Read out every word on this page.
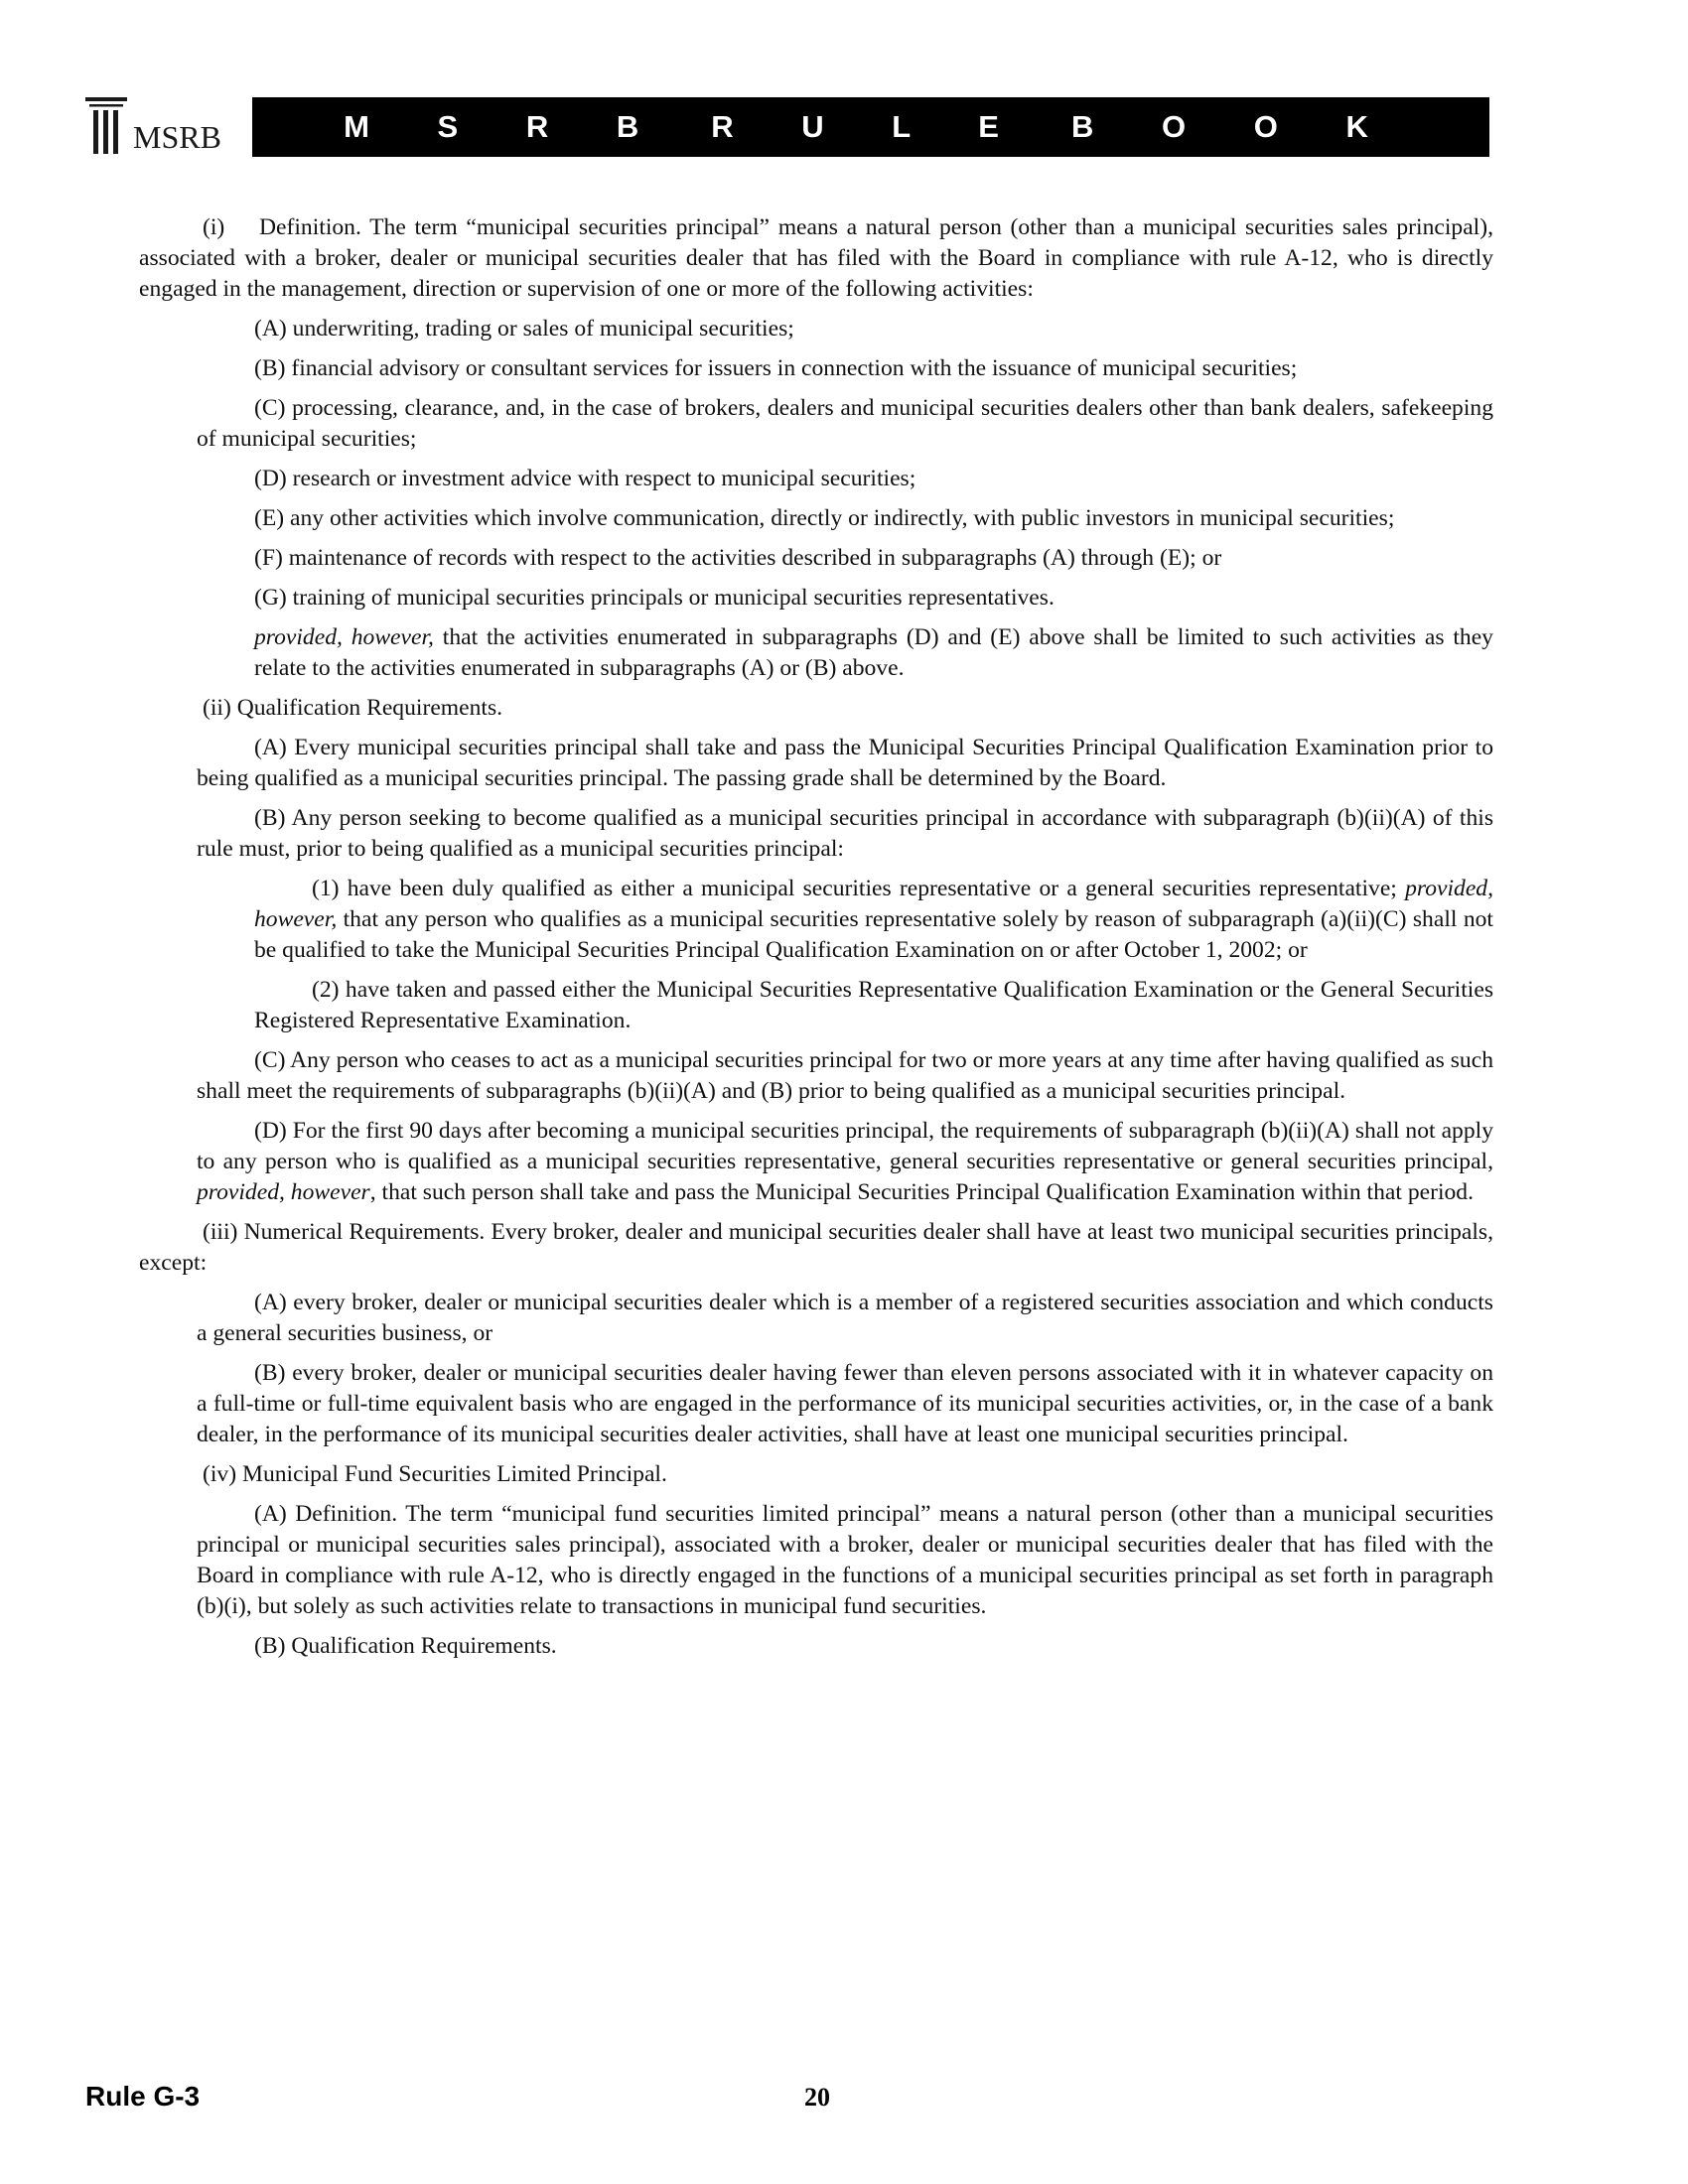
MSRB	M S R B R U L E B O O K

(i) Definition. The term “municipal securities principal” means a natural person (other than a municipal securities sales principal), associated with a broker, dealer or municipal securities dealer that has filed with the Board in compliance with rule A-12, who is directly engaged in the management, direction or supervision of one or more of the following activities:

(A) underwriting, trading or sales of municipal securities;

(B) financial advisory or consultant services for issuers in connection with the issuance of municipal securities;

(C) processing, clearance, and, in the case of brokers, dealers and municipal securities dealers other than bank dealers, safekeeping of municipal securities;

(D) research or investment advice with respect to municipal securities;

(E) any other activities which involve communication, directly or indirectly, with public investors in municipal securities;

(F) maintenance of records with respect to the activities described in subparagraphs (A) through (E); or

(G) training of municipal securities principals or municipal securities representatives.

provided, however, that the activities enumerated in subparagraphs (D) and (E) above shall be limited to such activities as they relate to the activities enumerated in subparagraphs (A) or (B) above.

(ii) Qualification Requirements.

(A) Every municipal securities principal shall take and pass the Municipal Securities Principal Qualification Examination prior to being qualified as a municipal securities principal. The passing grade shall be determined by the Board.

(B) Any person seeking to become qualified as a municipal securities principal in accordance with subparagraph (b)(ii)(A) of this rule must, prior to being qualified as a municipal securities principal:

(1) have been duly qualified as either a municipal securities representative or a general securities representative; provided, however, that any person who qualifies as a municipal securities representative solely by reason of subparagraph (a)(ii)(C) shall not be qualified to take the Municipal Securities Principal Qualification Examination on or after October 1, 2002; or

(2) have taken and passed either the Municipal Securities Representative Qualification Examination or the General Securities Registered Representative Examination.

(C) Any person who ceases to act as a municipal securities principal for two or more years at any time after having qualified as such shall meet the requirements of subparagraphs (b)(ii)(A) and (B) prior to being qualified as a municipal securities principal.

(D) For the first 90 days after becoming a municipal securities principal, the requirements of subparagraph (b)(ii)(A) shall not apply to any person who is qualified as a municipal securities representative, general securities representative or general securities principal, provided, however, that such person shall take and pass the Municipal Securities Principal Qualification Examination within that period.

(iii) Numerical Requirements. Every broker, dealer and municipal securities dealer shall have at least two municipal securities principals, except:

(A) every broker, dealer or municipal securities dealer which is a member of a registered securities association and which conducts a general securities business, or

(B) every broker, dealer or municipal securities dealer having fewer than eleven persons associated with it in whatever capacity on a full-time or full-time equivalent basis who are engaged in the performance of its municipal securities activities, or, in the case of a bank dealer, in the performance of its municipal securities dealer activities, shall have at least one municipal securities principal.

(iv) Municipal Fund Securities Limited Principal.

(A) Definition. The term “municipal fund securities limited principal” means a natural person (other than a municipal securities principal or municipal securities sales principal), associated with a broker, dealer or municipal securities dealer that has filed with the Board in compliance with rule A-12, who is directly engaged in the functions of a municipal securities principal as set forth in paragraph (b)(i), but solely as such activities relate to transactions in municipal fund securities.

(B) Qualification Requirements.

Rule G-3	20
